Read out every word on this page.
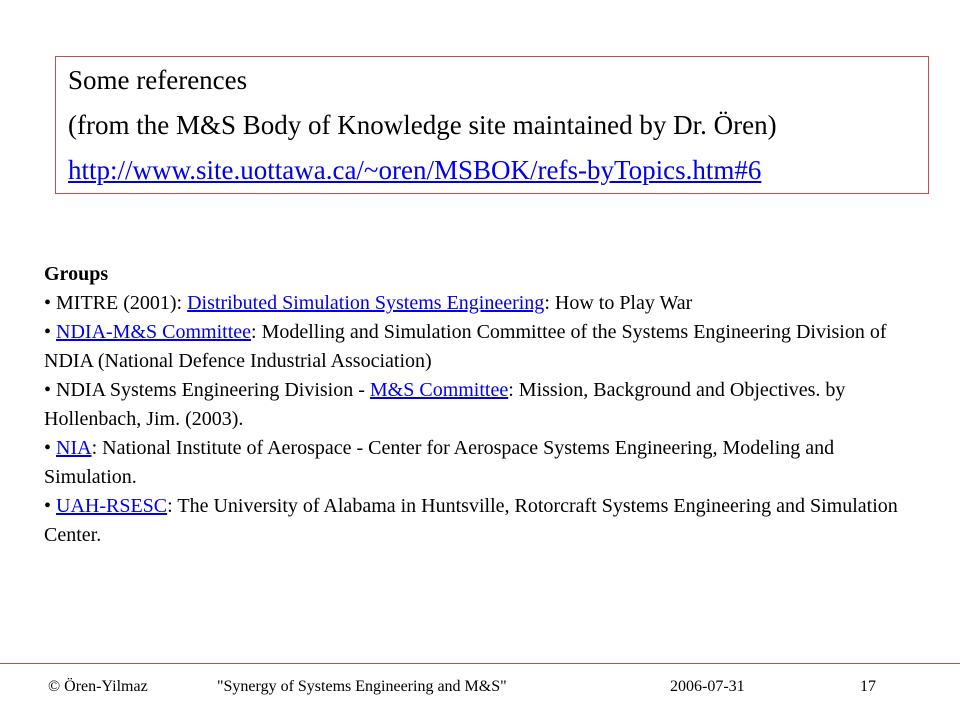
Some references
(from the M&S Body of Knowledge site maintained by Dr. Ören)
http://www.site.uottawa.ca/~oren/MSBOK/refs-byTopics.htm#6

Groups

• MITRE (2001): Distributed Simulation Systems Engineering: How to Play War

• NDIA-M&S Committee: Modelling and Simulation Committee of the Systems Engineering Division of NDIA (National Defence Industrial Association)

• NDIA Systems Engineering Division - M&S Committee: Mission, Background and Objectives. by Hollenbach, Jim. (2003).

• NIA: National Institute of Aerospace - Center for Aerospace Systems Engineering, Modeling and Simulation.

• UAH-RSESC: The University of Alabama in Huntsville, Rotorcraft Systems Engineering and Simulation Center.

© Ören-Yilmaz	"Synergy of Systems Engineering and M&S"	2006-07-31	17
